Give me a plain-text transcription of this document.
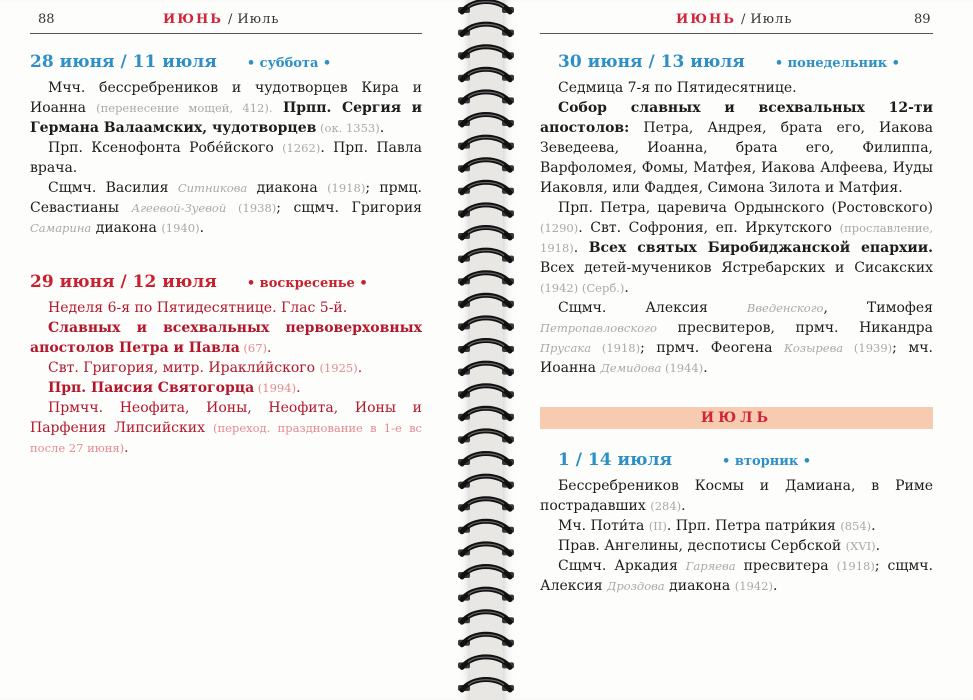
88	ИЮНЬ / Июль
28 июня / 11 июля • суббота •
Мчч. бессребреников и чудотворцев Кира и Иоанна (перенесение мощей, 412). Прпп. Сергия и Германа Валаамских, чудотворцев (ок. 1353).
Прп. Ксенофонта Робе́йского (1262). Прп. Павла врача.
Сщмч. Василия Ситникова диакона (1918); прмц. Севастианы Агеевой-Зуевой (1938); сщмч. Григория Самарина диакона (1940).
29 июня / 12 июля • воскресенье •
Неделя 6-я по Пятидесятнице. Глас 5-й.
Славных и всехвальных первоверховных апостолов Петра и Павла (67).
Свт. Григория, митр. Иракли́йского (1925).
Прп. Паисия Святогорца (1994).
Прмчч. Неофита, Ионы, Неофита, Ионы и Парфения Липсийских (переход. празднование в 1-е вс после 27 июня).
ИЮНЬ / Июль	89
30 июня / 13 июля • понедельник •
Седмица 7-я по Пятидесятнице.
Собор славных и всехвальных 12-ти апостолов: Петра, Андрея, брата его, Иакова Зеведеева, Иоанна, брата его, Филиппа, Варфоломея, Фомы, Матфея, Иакова Алфеева, Иуды Иаковля, или Фаддея, Симона Зилота и Матфия.
Прп. Петра, царевича Ордынского (Ростовского) (1290). Свт. Софрония, еп. Иркутского (прославление, 1918). Всех святых Биробиджанской епархии. Всех детей-мучеников Ястребарских и Сисакских (1942) (Серб.).
Сщмч. Алексия Введенского, Тимофея Петропавловского пресвитеров, прмч. Никандра Прусака (1918); прмч. Феогена Козырева (1939); мч. Иоанна Демидова (1944).
ИЮЛЬ
1 / 14 июля	• вторник •
Бессребреников Космы и Дамиана, в Риме пострадавших (284).
Мч. Поти́та (II). Прп. Петра патри́кия (854).
Прав. Ангелины, деспотисы Сербской (XVI).
Сщмч. Аркадия Гаряева пресвитера (1918); сщмч. Алексия Дроздова диакона (1942).
